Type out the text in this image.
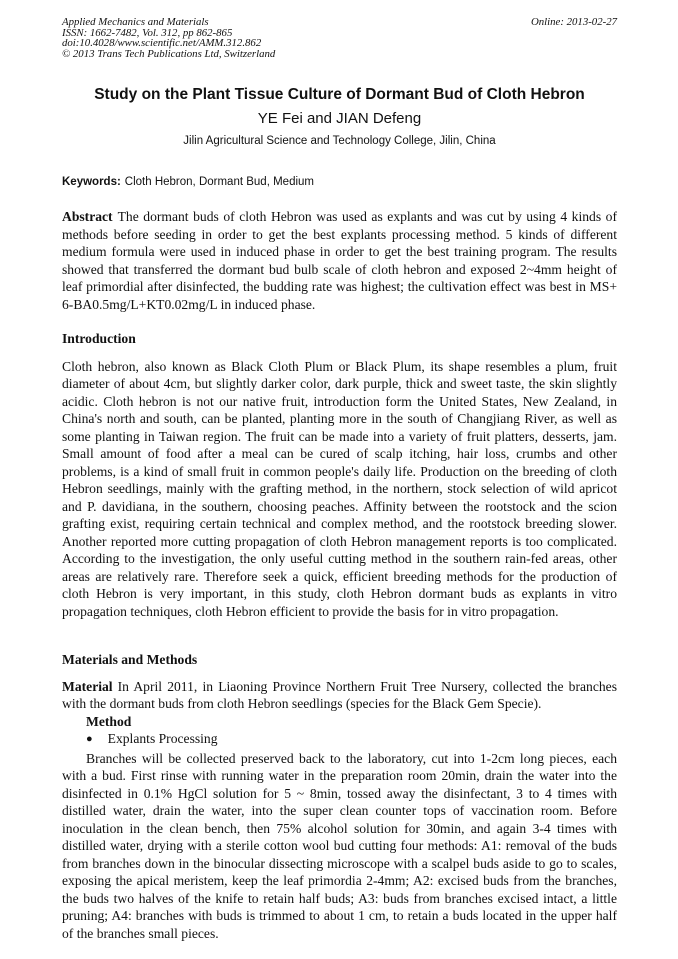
Applied Mechanics and Materials
ISSN: 1662-7482, Vol. 312, pp 862-865
doi:10.4028/www.scientific.net/AMM.312.862
© 2013 Trans Tech Publications Ltd, Switzerland
Online: 2013-02-27
Study on the Plant Tissue Culture of Dormant Bud of Cloth Hebron
YE Fei and JIAN Defeng
Jilin Agricultural Science and Technology College, Jilin, China
Keywords: Cloth Hebron, Dormant Bud, Medium

Abstract The dormant buds of cloth Hebron was used as explants and was cut by using 4 kinds of methods before seeding in order to get the best explants processing method. 5 kinds of different medium formula were used in induced phase in order to get the best training program. The results showed that transferred the dormant bud bulb scale of cloth hebron and exposed 2~4mm height of leaf primordial after disinfected, the budding rate was highest; the cultivation effect was best in MS+ 6-BA0.5mg/L+KT0.02mg/L in induced phase.

Introduction

Cloth hebron, also known as Black Cloth Plum or Black Plum, its shape resembles a plum, fruit diameter of about 4cm, but slightly darker color, dark purple, thick and sweet taste, the skin slightly acidic. Cloth hebron is not our native fruit, introduction form the United States, New Zealand, in China's north and south, can be planted, planting more in the south of Changjiang River, as well as some planting in Taiwan region. The fruit can be made into a variety of fruit platters, desserts, jam. Small amount of food after a meal can be cured of scalp itching, hair loss, crumbs and other problems, is a kind of small fruit in common people's daily life. Production on the breeding of cloth Hebron seedlings, mainly with the grafting method, in the northern, stock selection of wild apricot and P. davidiana, in the southern, choosing peaches. Affinity between the rootstock and the scion grafting exist, requiring certain technical and complex method, and the rootstock breeding slower. Another reported more cutting propagation of cloth Hebron management reports is too complicated. According to the investigation, the only useful cutting method in the southern rain-fed areas, other areas are relatively rare. Therefore seek a quick, efficient breeding methods for the production of cloth Hebron is very important, in this study, cloth Hebron dormant buds as explants in vitro propagation techniques, cloth Hebron efficient to provide the basis for in vitro propagation.

Materials and Methods

Material In April 2011, in Liaoning Province Northern Fruit Tree Nursery, collected the branches with the dormant buds from cloth Hebron seedlings (species for the Black Gem Specie).

Method
● Explants Processing

Branches will be collected preserved back to the laboratory, cut into 1-2cm long pieces, each with a bud. First rinse with running water in the preparation room 20min, drain the water into the disinfected in 0.1% HgCl solution for 5 ~ 8min, tossed away the disinfectant, 3 to 4 times with distilled water, drain the water, into the super clean counter tops of vaccination room. Before inoculation in the clean bench, then 75% alcohol solution for 30min, and again 3-4 times with distilled water, drying with a sterile cotton wool bud cutting four methods: A1: removal of the buds from branches down in the binocular dissecting microscope with a scalpel buds aside to go to scales, exposing the apical meristem, keep the leaf primordia 2-4mm; A2: excised buds from the branches, the buds two halves of the knife to retain half buds; A3: buds from branches excised intact, a little pruning; A4: branches with buds is trimmed to about 1 cm, to retain a buds located in the upper half of the branches small pieces.
